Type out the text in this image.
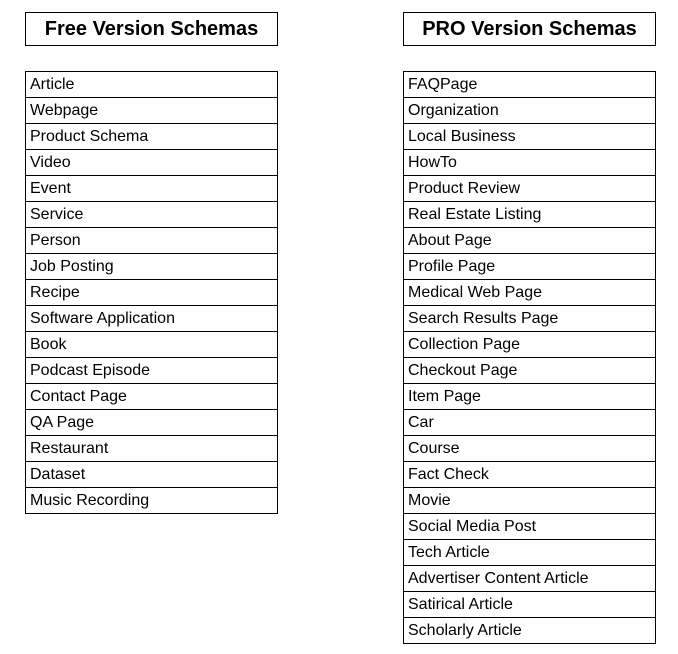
Free Version Schemas
Article
Webpage
Product Schema
Video
Event
Service
Person
Job Posting
Recipe
Software Application
Book
Podcast Episode
Contact Page
QA Page
Restaurant
Dataset
Music Recording
PRO Version Schemas
FAQPage
Organization
Local Business
HowTo
Product Review
Real Estate Listing
About Page
Profile Page
Medical Web Page
Search Results Page
Collection Page
Checkout Page
Item Page
Car
Course
Fact Check
Movie
Social Media Post
Tech Article
Advertiser Content Article
Satirical Article
Scholarly Article
